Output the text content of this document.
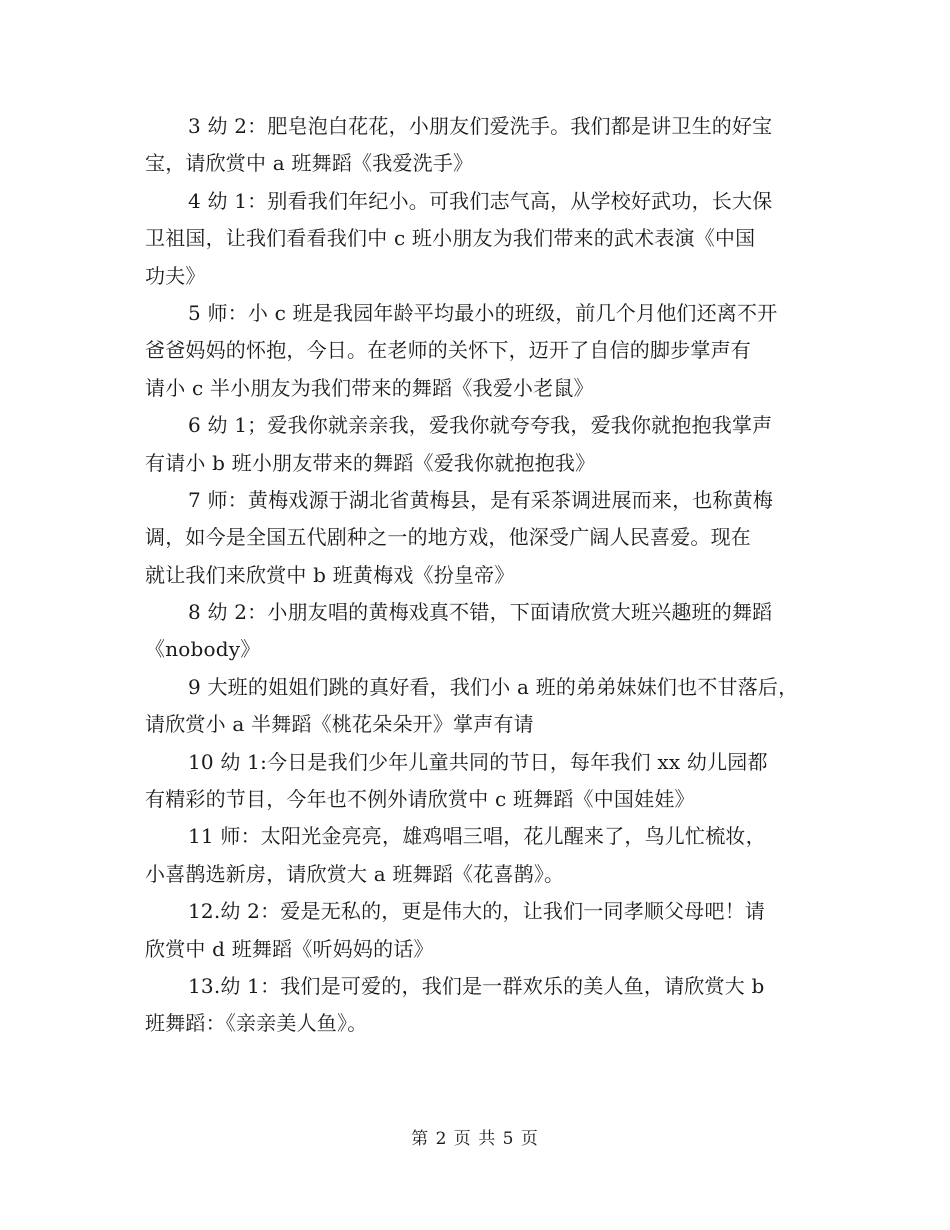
3 幼 2：肥皂泡白花花，小朋友们爱洗手。我们都是讲卫生的好宝
宝，请欣赏中 a 班舞蹈《我爱洗手》
4 幼 1：别看我们年纪小。可我们志气高，从学校好武功，长大保
卫祖国，让我们看看我们中 c 班小朋友为我们带来的武术表演《中国
功夫》
5 师：小 c 班是我园年龄平均最小的班级，前几个月他们还离不开
爸爸妈妈的怀抱，今日。在老师的关怀下，迈开了自信的脚步掌声有
请小 c 半小朋友为我们带来的舞蹈《我爱小老鼠》
6 幼 1；爱我你就亲亲我，爱我你就夸夸我，爱我你就抱抱我掌声
有请小 b 班小朋友带来的舞蹈《爱我你就抱抱我》
7 师：黄梅戏源于湖北省黄梅县，是有采茶调进展而来，也称黄梅
调，如今是全国五代剧种之一的地方戏，他深受广阔人民喜爱。现在
就让我们来欣赏中 b 班黄梅戏《扮皇帝》
8 幼 2：小朋友唱的黄梅戏真不错，下面请欣赏大班兴趣班的舞蹈
《nobody》
9 大班的姐姐们跳的真好看，我们小 a 班的弟弟妹妹们也不甘落后，
请欣赏小 a 半舞蹈《桃花朵朵开》掌声有请
10 幼 1:今日是我们少年儿童共同的节日，每年我们 xx 幼儿园都
有精彩的节目，今年也不例外请欣赏中 c 班舞蹈《中国娃娃》
11 师：太阳光金亮亮，雄鸡唱三唱，花儿醒来了，鸟儿忙梳妆，
小喜鹊选新房，请欣赏大 a 班舞蹈《花喜鹊》。
12.幼 2：爱是无私的，更是伟大的，让我们一同孝顺父母吧！请
欣赏中 d 班舞蹈《听妈妈的话》
13.幼 1：我们是可爱的，我们是一群欢乐的美人鱼，请欣赏大 b
班舞蹈：《亲亲美人鱼》。
第 2 页 共 5 页
